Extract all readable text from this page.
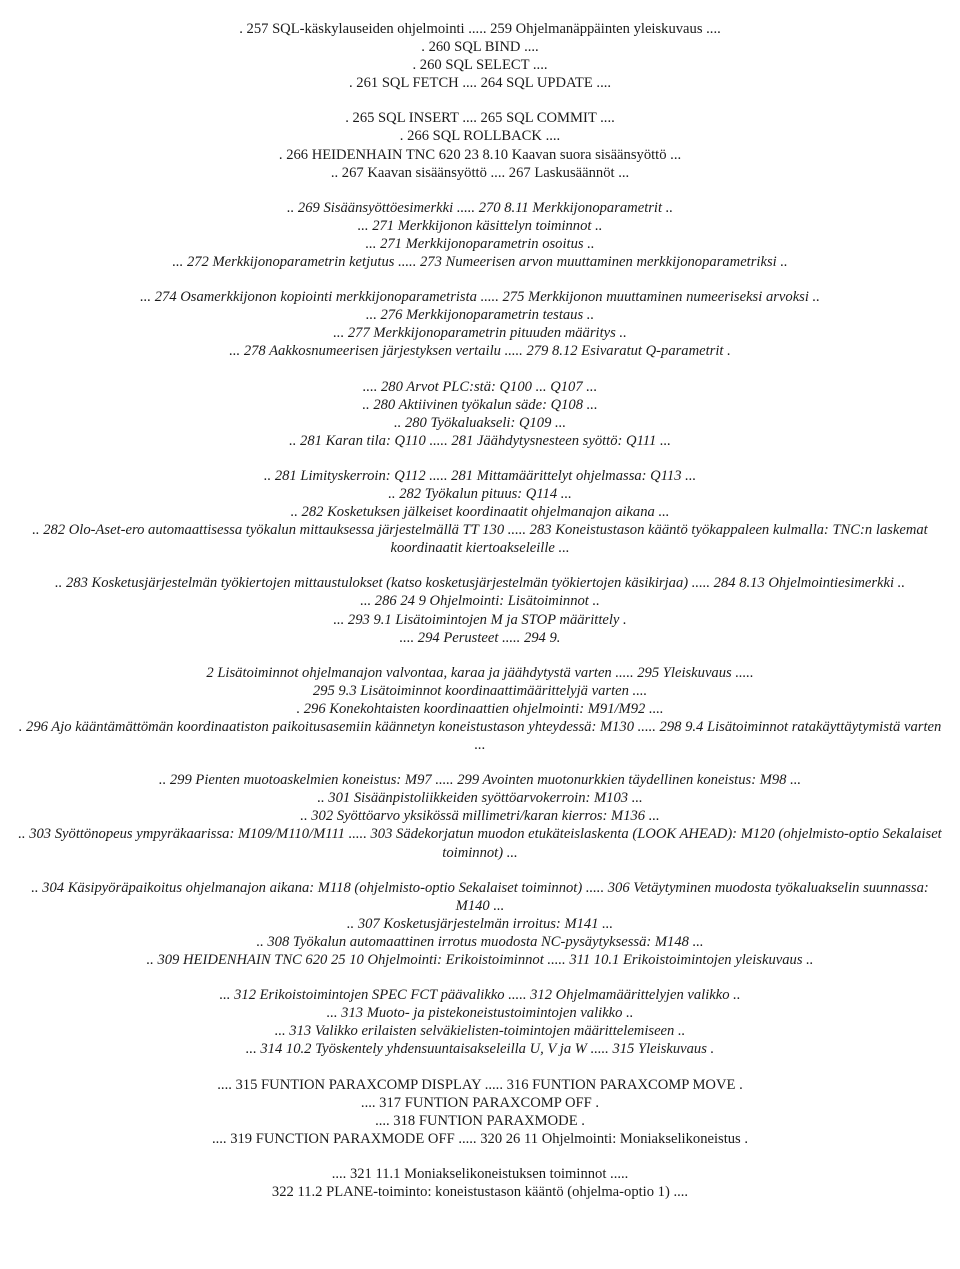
. 257 SQL-käskylauseiden ohjelmointi ..... 259 Ohjelmanäppäinten yleiskuvaus ....
. 260 SQL BIND ....
. 260 SQL SELECT ....
. 261 SQL FETCH .... 264 SQL UPDATE ....
. 265 SQL INSERT .... 265 SQL COMMIT ....
. 266 SQL ROLLBACK ....
. 266 HEIDENHAIN TNC 620 23 8.10 Kaavan suora sisäänsyöttö ...
.. 267 Kaavan sisäänsyöttö .... 267 Laskusäännöt ...
.. 269 Sisäänsyöttöesimerkki ..... 270 8.11 Merkkijonoparametrit ..
... 271 Merkkijonon käsittelyn toiminnot ..
... 271 Merkkijonoparametrin osoitus ..
... 272 Merkkijonoparametrin ketjutus ..... 273 Numeerisen arvon muuttaminen merkkijonoparametriksi ..
... 274 Osamerkkijonon kopiointi merkkijonoparametrista ..... 275 Merkkijonon muuttaminen numeeriseksi arvoksi ..
... 276 Merkkijonoparametrin testaus ..
... 277 Merkkijonoparametrin pituuden määritys ..
... 278 Aakkosnumeerisen järjestyksen vertailu ..... 279 8.12 Esivaratut Q-parametrit .
.... 280 Arvot PLC:stä: Q100 ... Q107 ...
.. 280 Aktiivinen työkalun säde: Q108 ...
.. 280 Työkaluakseli: Q109 ...
.. 281 Karan tila: Q110 ..... 281 Jäähdytysnesteen syöttö: Q111 ...
.. 281 Limityskerroin: Q112 ..... 281 Mittamäärittelyt ohjelmassa: Q113 ...
.. 282 Työkalun pituus: Q114 ...
.. 282 Kosketuksen jälkeiset koordinaatit ohjelmanajon aikana ...
.. 282 Olo-Aset-ero automaattisessa työkalun mittauksessa järjestelmällä TT 130 ..... 283 Koneistustason kääntö työkappaleen kulmalla: TNC:n laskemat
koordinaatit kiertoakseleille ...
.. 283 Kosketusjärjestelmän työkiertojen mittaustulokset (katso kosketusjärjestelmän työkiertojen käsikirjaa) ..... 284 8.13 Ohjelmointiesimerkki ..
... 286 24 9 Ohjelmointi: Lisätoiminnot ..
... 293 9.1 Lisätoimintojen M ja STOP määrittely .
.... 294 Perusteet ..... 294 9.
2 Lisätoiminnot ohjelmanajon valvontaa, karaa ja jäähdytystä varten ..... 295 Yleiskuvaus .....
295 9.3 Lisätoiminnot koordinaattimäärittelyjä varten ....
. 296 Konekohtaisten koordinaattien ohjelmointi: M91/M92 ....
. 296 Ajo kääntämättömän koordinaatiston paikoitusasemiin käännetyn koneistustason yhteydessä: M130 ..... 298 9.4 Lisätoiminnot ratakäyttäytymistä varten
...
.. 299 Pienten muotoaskelmien koneistus: M97 ..... 299 Avointen muotonurkkien täydellinen koneistus: M98 ...
.. 301 Sisäänpistoliikkeiden syöttöarvokerroin: M103 ...
.. 302 Syöttöarvo yksikössä millimetri/karan kierros: M136 ...
.. 303 Syöttönopeus ympyräkaarissa: M109/M110/M111 ..... 303 Sädekorjatun muodon etukäteislaskenta (LOOK AHEAD): M120 (ohjelmisto-optio Sekalaiset
toiminnot) ...
.. 304 Käsipyöräpaikoitus ohjelmanajon aikana: M118 (ohjelmisto-optio Sekalaiset toiminnot) ..... 306 Vetäytyminen muodosta työkaluakselin suunnassa:
M140 ...
.. 307 Kosketusjärjestelmän irroitus: M141 ...
.. 308 Työkalun automaattinen irrotus muodosta NC-pysäytyksessä: M148 ...
.. 309 HEIDENHAIN TNC 620 25 10 Ohjelmointi: Erikoistoiminnot ..... 311 10.1 Erikoistoimintojen yleiskuvaus ..
... 312 Erikoistoimintojen SPEC FCT päävalikko ..... 312 Ohjelmamäärittelyjen valikko ..
... 313 Muoto- ja pistekoneistustoimintojen valikko ..
... 313 Valikko erilaisten selväkielisten-toimintojen määrittelemiseen ..
... 314 10.2 Työskentely yhdensuuntaisakseleilla U, V ja W ..... 315 Yleiskuvaus .
.... 315 FUNTION PARAXCOMP DISPLAY ..... 316 FUNTION PARAXCOMP MOVE .
.... 317 FUNTION PARAXCOMP OFF .
.... 318 FUNTION PARAXMODE .
.... 319 FUNCTION PARAXMODE OFF ..... 320 26 11 Ohjelmointi: Moniakselikoneistus .
.... 321 11.1 Moniakselikoneistuksen toiminnot .....
322 11.2 PLANE-toiminto: koneistustason kääntö (ohjelma-optio 1) ....
